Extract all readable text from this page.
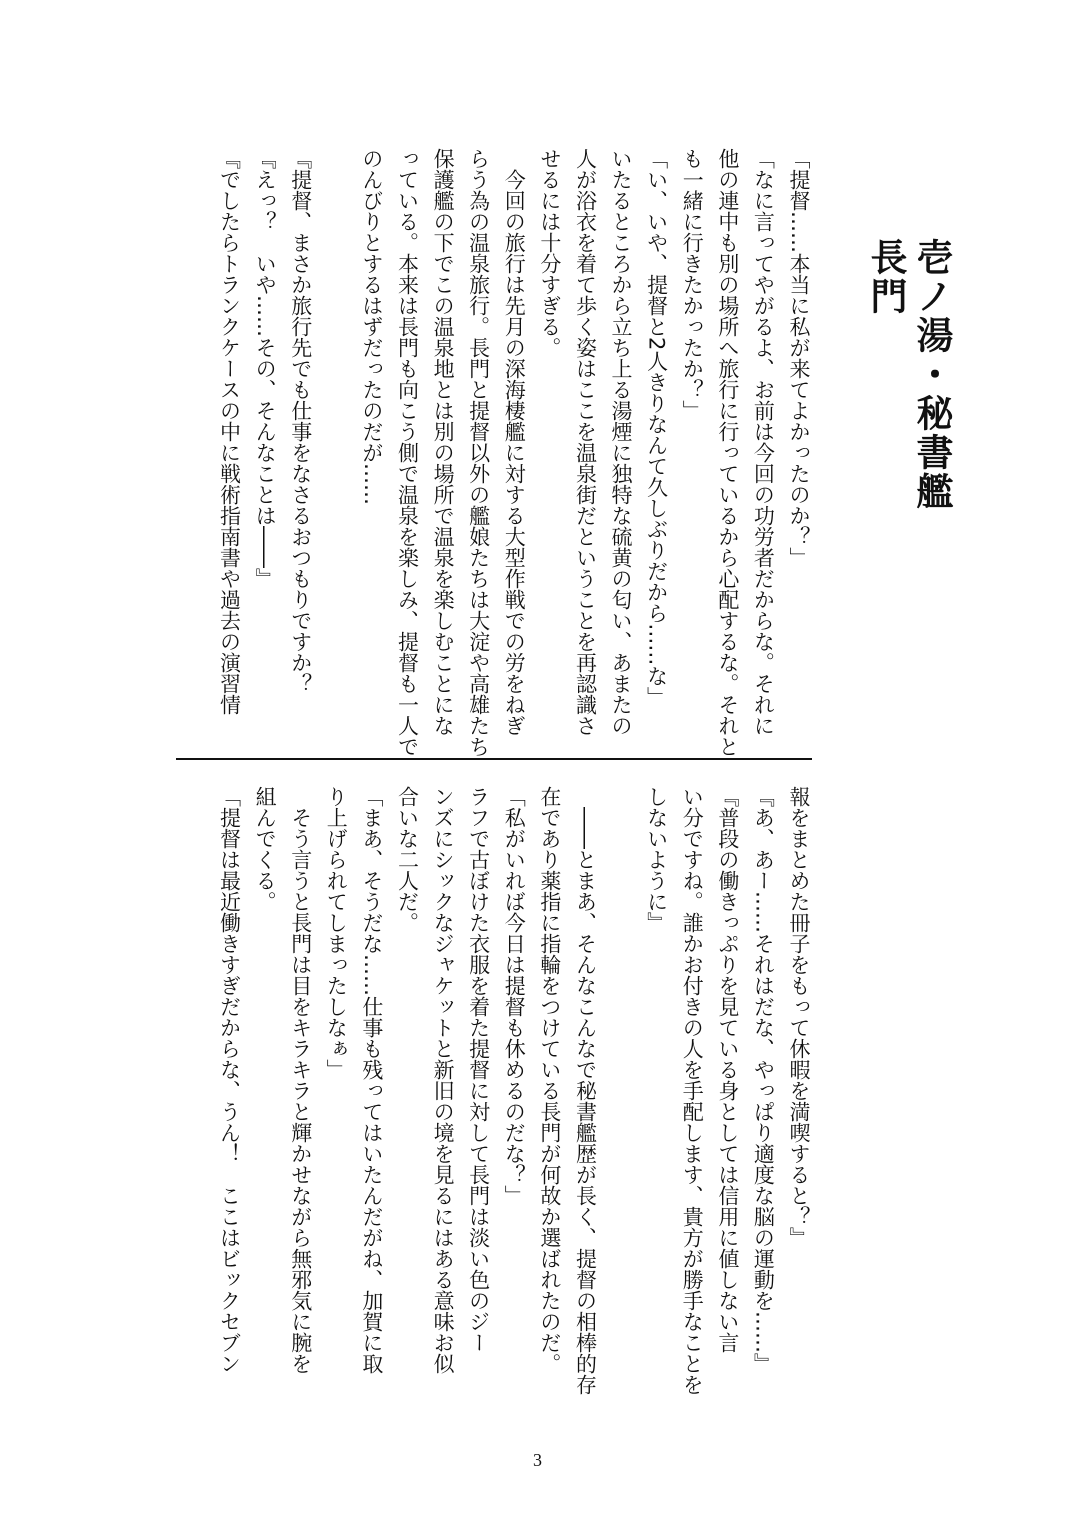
壱ノ湯・秘書艦長門
「提督……本当に私が来てよかったのか？」
「なに言ってやがるよ、お前は今回の功労者だからな。それに
他の連中も別の場所へ旅行に行っているから心配するな。それと
も一緒に行きたかったか？」
「い、いや、提督と2人きりなんて久しぶりだから……な」
いたるところから立ち上る湯煙に独特な硫黄の匂い、あまたの
人が浴衣を着て歩く姿はここを温泉街だということを再認識さ
せるには十分すぎる。
　今回の旅行は先月の深海棲艦に対する大型作戦での労をねぎ
らう為の温泉旅行。長門と提督以外の艦娘たちは大淀や高雄たち
保護艦の下でこの温泉地とは別の場所で温泉を楽しむことにな
っている。本来は長門も向こう側で温泉を楽しみ、提督も一人で
のんびりとするはずだったのだが……

『提督、まさか旅行先でも仕事をなさるおつもりですか？
『えっ？　いや……その、そんなことは――』
『でしたらトランクケースの中に戦術指南書や過去の演習情
報をまとめた冊子をもって休暇を満喫すると？』
『あ、あー……それはだな、やっぱり適度な脳の運動を……』
『普段の働きっぷりを見ている身としては信用に値しない言
い分ですね。誰かお付きの人を手配します、貴方が勝手なことを
しないように』

　――とまあ、そんなこんなで秘書艦歴が長く、提督の相棒的存
在であり薬指に指輪をつけている長門が何故か選ばれたのだ。
「私がいれば今日は提督も休めるのだな？」
ラフで古ぼけた衣服を着た提督に対して長門は淡い色のジー
ンズにシックなジャケットと新旧の境を見るにはある意味お似
合いな二人だ。
「まあ、そうだな……仕事も残ってはいたんだがね、加賀に取
り上げられてしまったしなぁ」
　そう言うと長門は目をキラキラと輝かせながら無邪気に腕を
組んでくる。
「提督は最近働きすぎだからな、うん！　ここはビックセブン
3
